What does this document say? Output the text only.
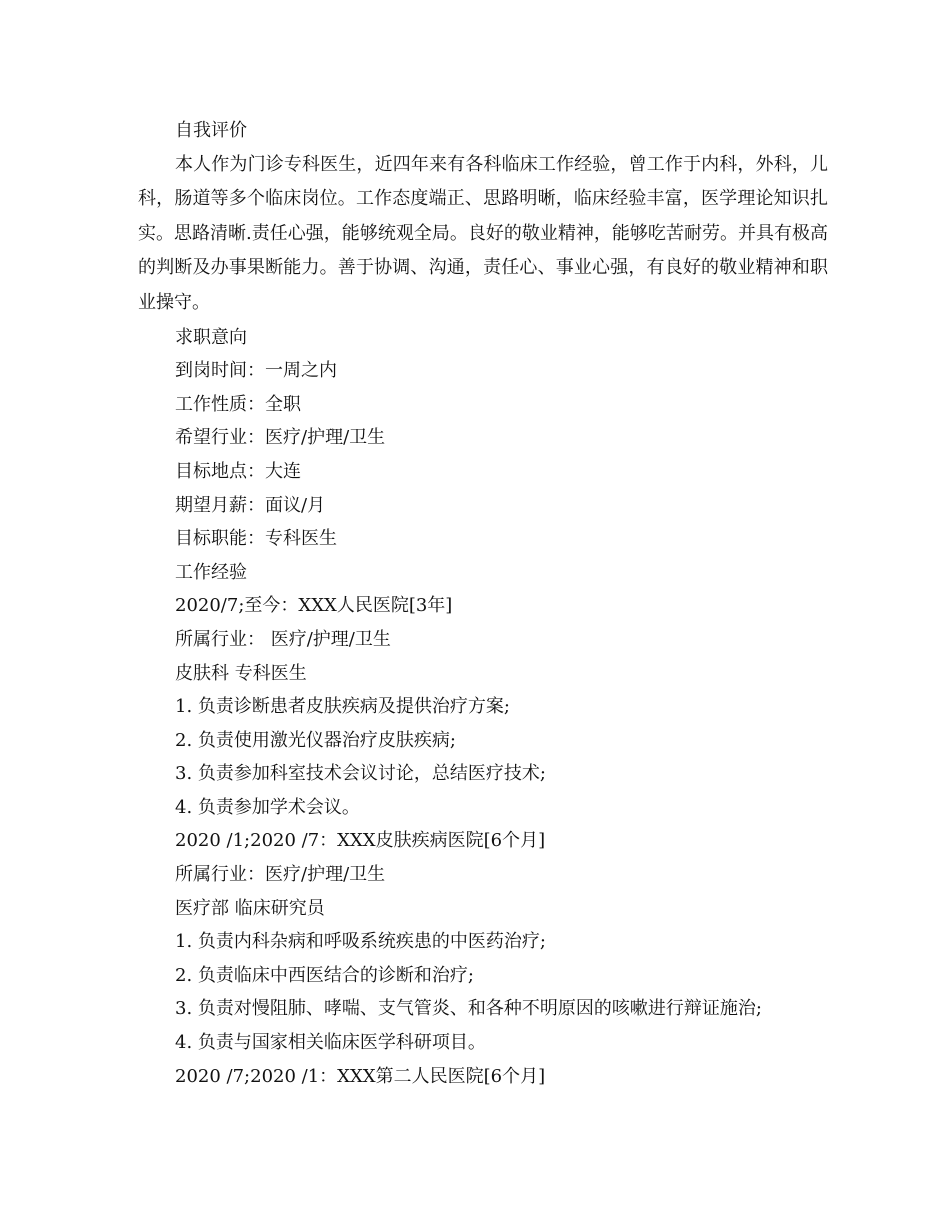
自我评价

本人作为门诊专科医生，近四年来有各科临床工作经验，曾工作于内科，外科，儿科，肠道等多个临床岗位。工作态度端正、思路明晰，临床经验丰富，医学理论知识扎实。思路清晰.责任心强，能够统观全局。良好的敬业精神，能够吃苦耐劳。并具有极高的判断及办事果断能力。善于协调、沟通，责任心、事业心强，有良好的敬业精神和职业操守。

求职意向

到岗时间：一周之内

工作性质：全职

希望行业：医疗/护理/卫生

目标地点：大连

期望月薪：面议/月

目标职能：专科医生

工作经验

2020/7;至今：XXX人民医院[3年]

所属行业： 医疗/护理/卫生

皮肤科 专科医生

1. 负责诊断患者皮肤疾病及提供治疗方案;

2. 负责使用激光仪器治疗皮肤疾病;

3. 负责参加科室技术会议讨论，总结医疗技术;

4. 负责参加学术会议。

2020 /1;2020 /7：XXX皮肤疾病医院[6个月]

所属行业：医疗/护理/卫生

医疗部 临床研究员

1. 负责内科杂病和呼吸系统疾患的中医药治疗;

2. 负责临床中西医结合的诊断和治疗;

3. 负责对慢阻肺、哮喘、支气管炎、和各种不明原因的咳嗽进行辩证施治;

4. 负责与国家相关临床医学科研项目。

2020 /7;2020 /1：XXX第二人民医院[6个月]
